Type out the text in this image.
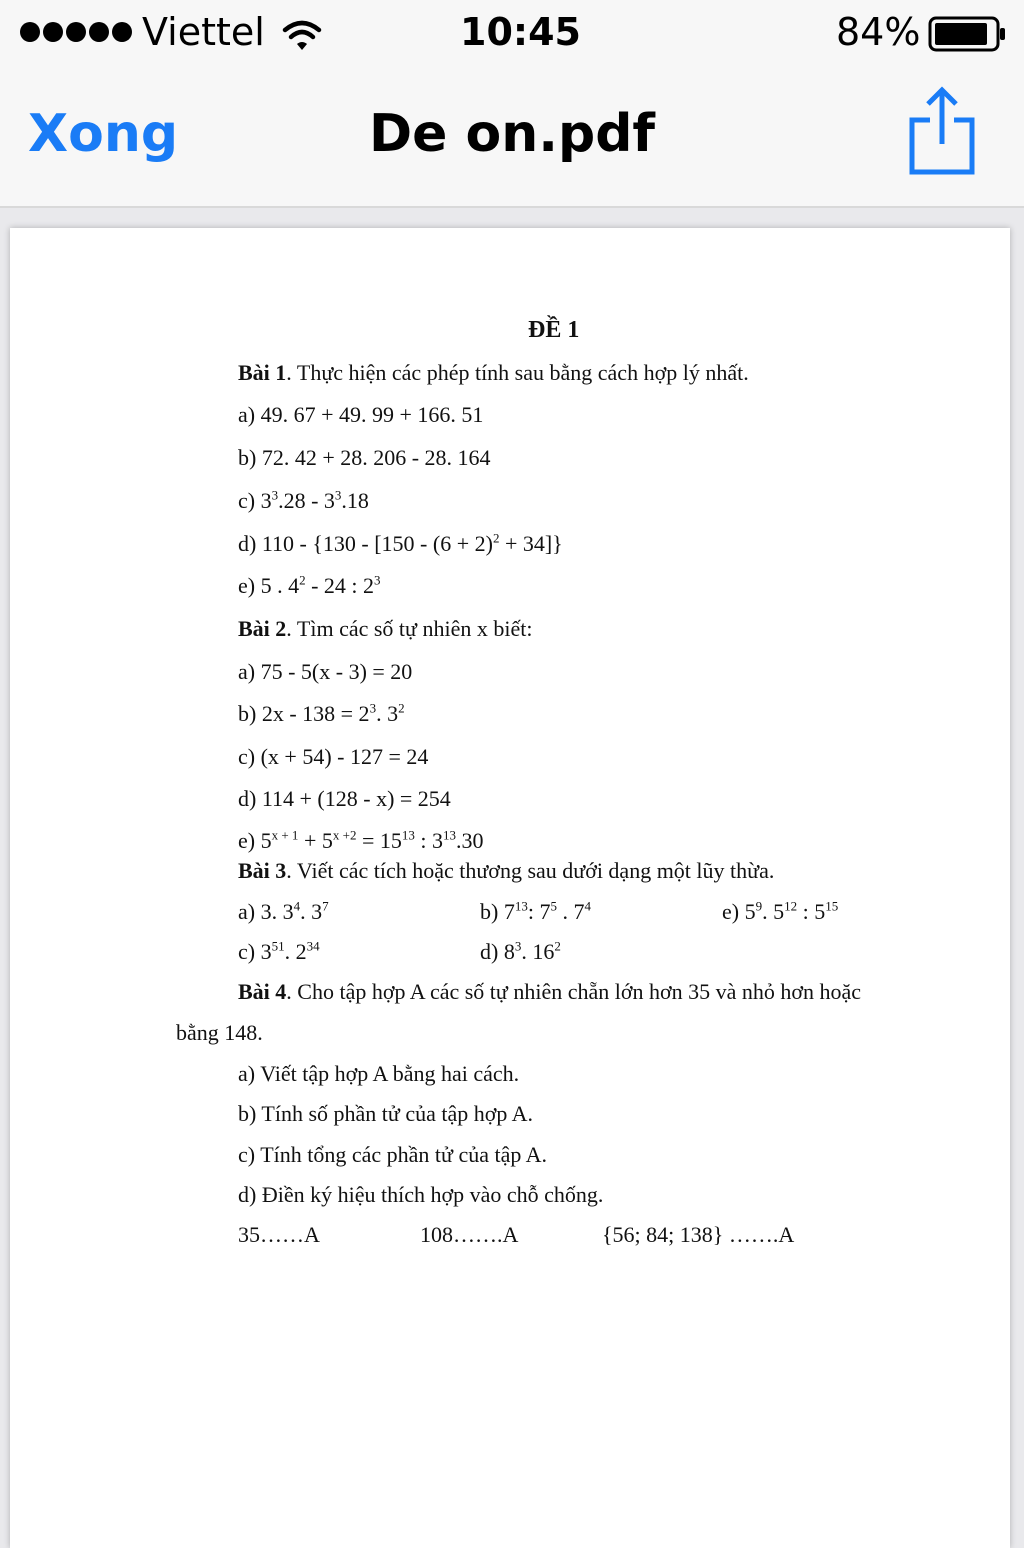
Viettel	10:45	84%
Xong	De on.pdf
ĐỀ 1
Bài 1. Thực hiện các phép tính sau bằng cách hợp lý nhất.
a) 49. 67 + 49. 99 + 166. 51
b) 72. 42 + 28. 206 - 28. 164
c) $3^3.28 - 3^3.18$
d) $110 - \{130 - [150 - (6 + 2)^2 + 34]\}$
e) 5 . $4^2 - 24$ : $2^3$
Bài 2. Tìm các số tự nhiên x biết:
a) 75 - 5(x - 3) = 20
b) $2x - 138 = 2^3$. $3^2$
c) (x + 54) - 127 = 24
d) 114 + (128 - x) = 254
e) $5^{x + 1} + 5^{x +2} = 15^{13}$ : $3^{13}.30$
Bài 3. Viết các tích hoặc thương sau dưới dạng một lũy thừa.
a) 3. $3^4$. $3^7$	b) $7^{13}$: $7^5$ . $7^4$	e) $5^9$. $5^{12}$ : $5^{15}$
c) $3^{51}$. $2^{34}$	d) $8^3$. $16^2$
Bài 4. Cho tập hợp A các số tự nhiên chẵn lớn hơn 35 và nhỏ hơn hoặc
bằng 148.
a) Viết tập hợp A bằng hai cách.
b) Tính số phần tử của tập hợp A.
c) Tính tổng các phần tử của tập A.
d) Điền ký hiệu thích hợp vào chỗ chống.
35……A	108…….A	{56; 84; 138} …….A
